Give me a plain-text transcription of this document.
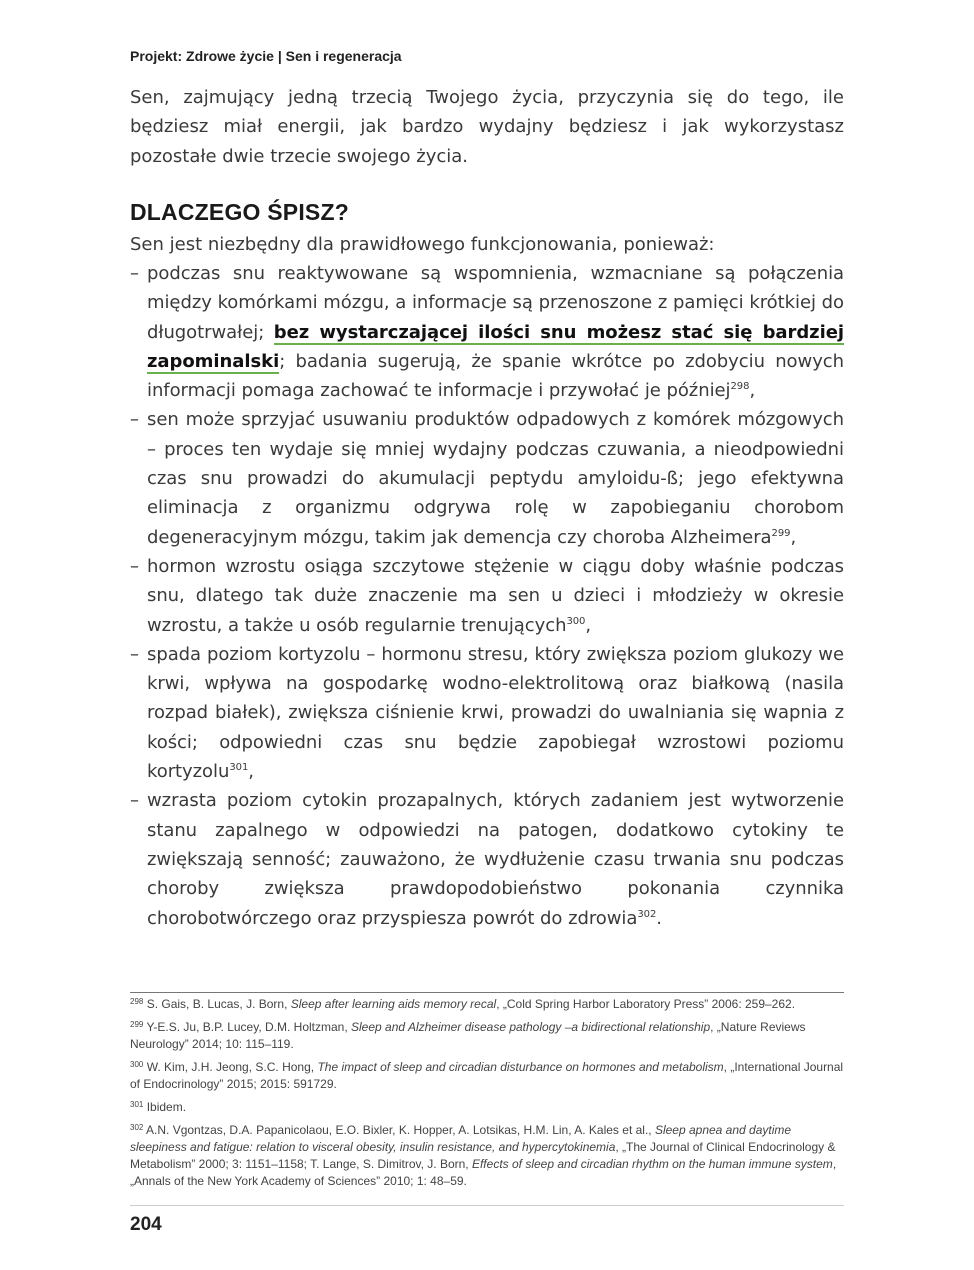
Projekt: Zdrowe życie | Sen i regeneracja
Sen, zajmujący jedną trzecią Twojego życia, przyczynia się do tego, ile będziesz miał energii, jak bardzo wydajny będziesz i jak wykorzystasz pozostałe dwie trzecie swojego życia.
DLACZEGO ŚPISZ?
Sen jest niezbędny dla prawidłowego funkcjonowania, ponieważ:
– podczas snu reaktywowane są wspomnienia, wzmacniane są połączenia między komórkami mózgu, a informacje są przenoszone z pamięci krótkiej do długotrwałej; bez wystarczającej ilości snu możesz stać się bardziej zapominalski; badania sugerują, że spanie wkrótce po zdobyciu nowych informacji pomaga zachować te informacje i przywołać je później$^{298}$,
– sen może sprzyjać usuwaniu produktów odpadowych z komórek mózgowych – proces ten wydaje się mniej wydajny podczas czuwania, a nieodpowiedni czas snu prowadzi do akumulacji peptydu amyloidu-ß; jego efektywna eliminacja z organizmu odgrywa rolę w zapobieganiu chorobom degeneracyjnym mózgu, takim jak demencja czy choroba Alzheimera$^{299}$,
– hormon wzrostu osiąga szczytowe stężenie w ciągu doby właśnie podczas snu, dlatego tak duże znaczenie ma sen u dzieci i młodzieży w okresie wzrostu, a także u osób regularnie trenujących$^{300}$,
– spada poziom kortyzolu – hormonu stresu, który zwiększa poziom glukozy we krwi, wpływa na gospodarkę wodno-elektrolitową oraz białkową (nasila rozpad białek), zwiększa ciśnienie krwi, prowadzi do uwalniania się wapnia z kości; odpowiedni czas snu będzie zapobiegał wzrostowi poziomu kortyzolu$^{301}$,
– wzrasta poziom cytokin prozapalnych, których zadaniem jest wytworzenie stanu zapalnego w odpowiedzi na patogen, dodatkowo cytokiny te zwiększają senność; zauważono, że wydłużenie czasu trwania snu podczas choroby zwiększa prawdopodobieństwo pokonania czynnika chorobotwórczego oraz przyspiesza powrót do zdrowia$^{302}$.

$^{298}$ S. Gais, B. Lucas, J. Born, Sleep after learning aids memory recal, „Cold Spring Harbor Laboratory Press” 2006: 259–262.

$^{299}$ Y-E.S. Ju, B.P. Lucey, D.M. Holtzman, Sleep and Alzheimer disease pathology –a bidirectional relationship, „Nature Reviews Neurology” 2014; 10: 115–119.

$^{300}$ W. Kim, J.H. Jeong, S.C. Hong, The impact of sleep and circadian disturbance on hormones and metabolism, „International Journal of Endocrinology” 2015; 2015: 591729.

$^{301}$ Ibidem.

$^{302}$ A.N. Vgontzas, D.A. Papanicolaou, E.O. Bixler, K. Hopper, A. Lotsikas, H.M. Lin, A. Kales et al., Sleep apnea and daytime sleepiness and fatigue: relation to visceral obesity, insulin resistance, and hypercytokinemia, „The Journal of Clinical Endocrinology & Metabolism” 2000; 3: 1151–1158; T. Lange, S. Dimitrov, J. Born, Effects of sleep and circadian rhythm on the human immune system, „Annals of the New York Academy of Sciences” 2010; 1: 48–59.

204
